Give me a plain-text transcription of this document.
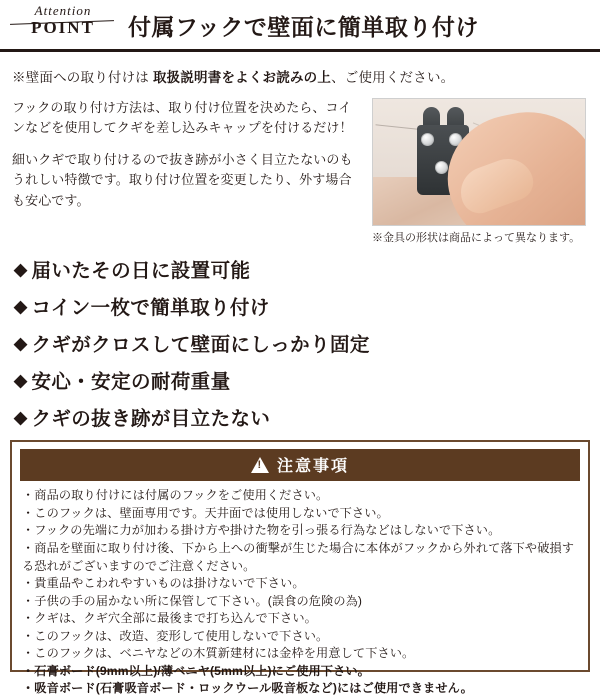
Attention
POINT	付属フックで壁面に簡単取り付け
※壁面への取り付けは 取扱説明書をよくお読みの上、ご使用ください。

フックの取り付け方法は、取り付け位置を決めたら、コインなどを使用してクギを差し込みキャップを付けるだけ！

細いクギで取り付けるので抜き跡が小さく目立たないのもうれしい特徴です。取り付け位置を変更したり、外す場合も安心です。

※金具の形状は商品によって異なります。
◆ 届いたその日に設置可能
◆ コイン一枚で簡単取り付け
◆ クギがクロスして壁面にしっかり固定
◆ 安心・安定の耐荷重量
◆ クギの抜き跡が目立たない
!
注意事項
・商品の取り付けには付属のフックをご使用ください。
・このフックは、壁面専用です。天井面では使用しないで下さい。
・フックの先端に力が加わる掛け方や掛けた物を引っ張る行為などはしないで下さい。
・商品を壁面に取り付け後、下から上への衝撃が生じた場合に本体がフックから外れて落下や破損する恐れがございますのでご注意ください。
・貴重品やこわれやすいものは掛けないで下さい。
・子供の手の届かない所に保管して下さい。(誤食の危険の為)
・クギは、クギ穴全部に最後まで打ち込んで下さい。
・このフックは、改造、変形して使用しないで下さい。
・このフックは、ベニヤなどの木質新建材には金枠を用意して下さい。
・石膏ボード(9mm以上)/薄ベニヤ(5mm以上)にご使用下さい。
・吸音ボード(石膏吸音ボード・ロックウール吸音板など)にはご使用できません。
